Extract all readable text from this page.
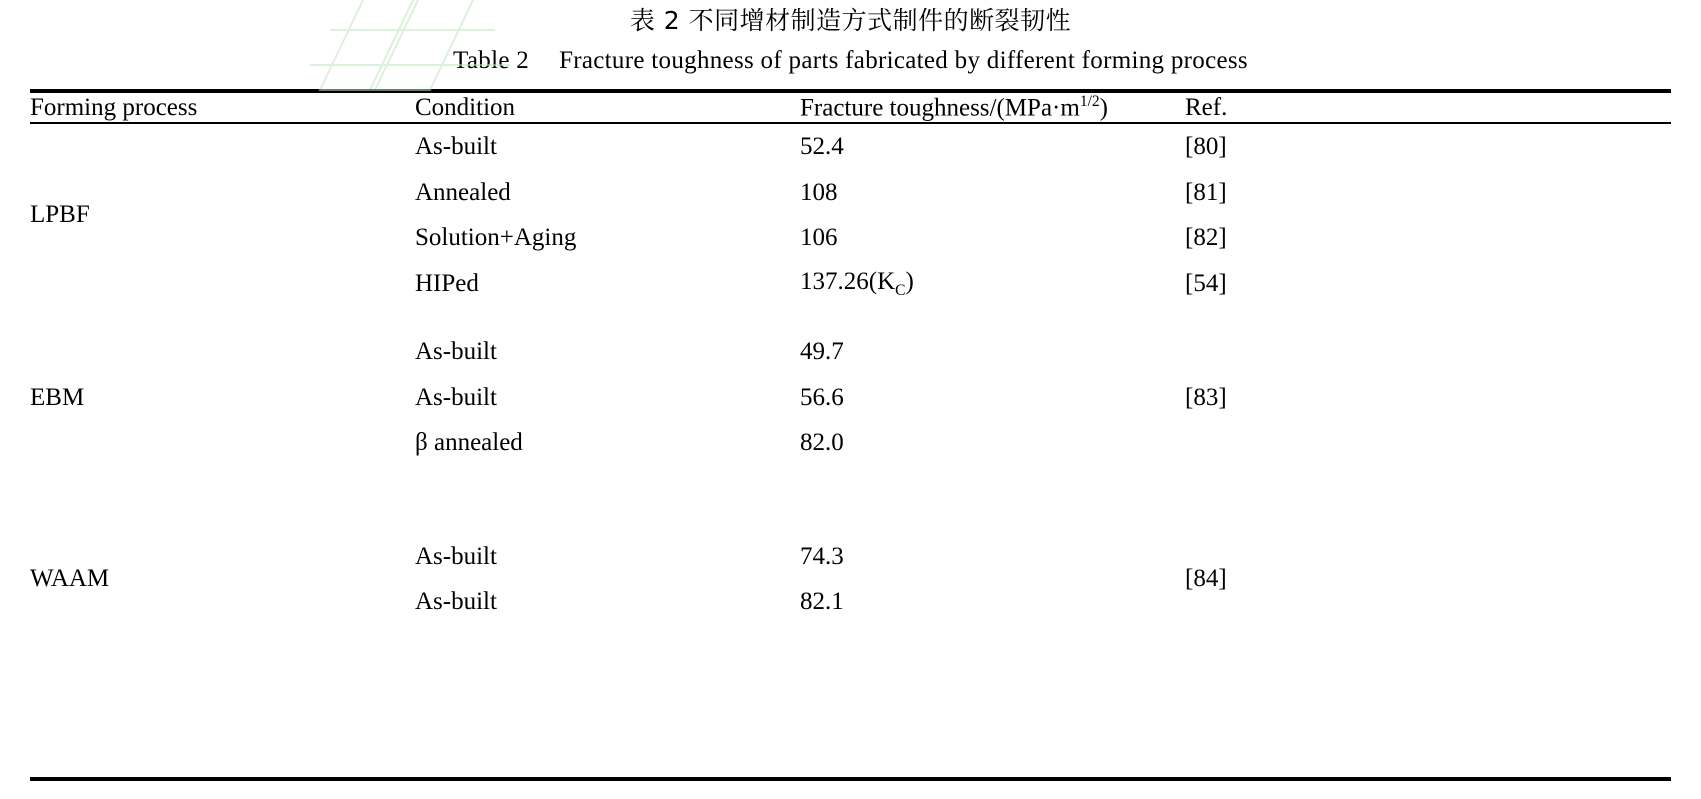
表 2 不同增材制造方式制件的断裂韧性
Table 2 Fracture toughness of parts fabricated by different forming process
Forming process	Condition	Fracture toughness/$(MPa\cdot m^{1/2})$	Ref.
LPBF	As-built	52.4	[80]
	Annealed	108	[81]
	Solution+Aging	106	[82]
	HIPed	$137.26(K_C)$	[54]

EBM	As-built	49.7	
	As-built	56.6	[83]
	β annealed	82.0	

WAAM	As-built	74.3	[84]
	As-built	82.1	
